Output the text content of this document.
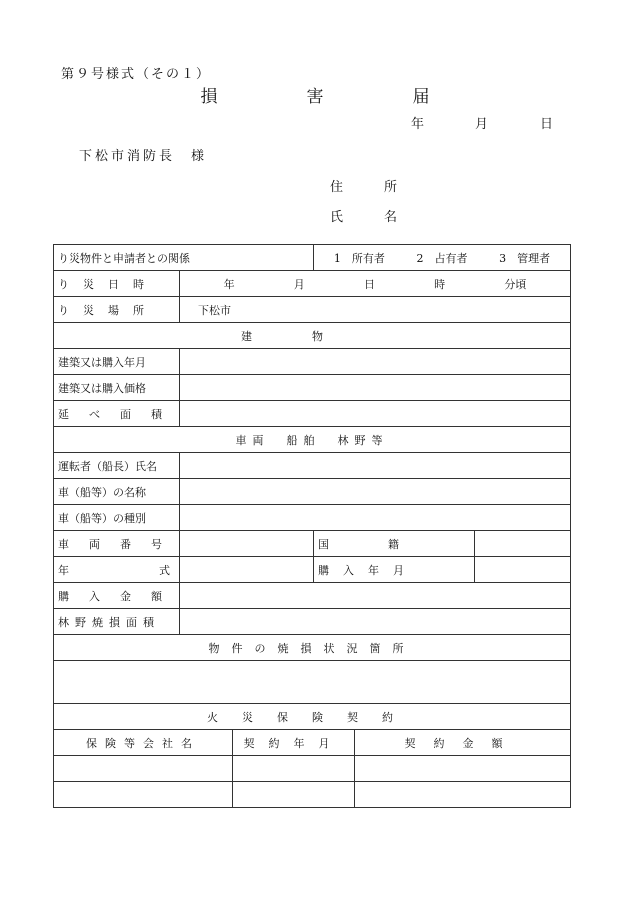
第９号様式（その１）
損　害　届
年	月	日
下松市消防長　様
住　所
氏　名
り災物件と申請者との関係			1　所有者 2　占有者 3　管理者		

り災日時	年 月 日 時 分頃				

り災場所	下松市				
建物					
建築又は購入年月					
建築又は購入価格					
延べ面積					
車両　船舶　林野等					
運転者（船長）氏名					
車（船等）の名称					
車（船等）の種別					
車両番号			国　籍		
年式			購入年月		
購入金額					
林野焼損面積					
物件の焼損状況箇所					

火災保険契約					
保険等会社名		契約年月		契約金額	
